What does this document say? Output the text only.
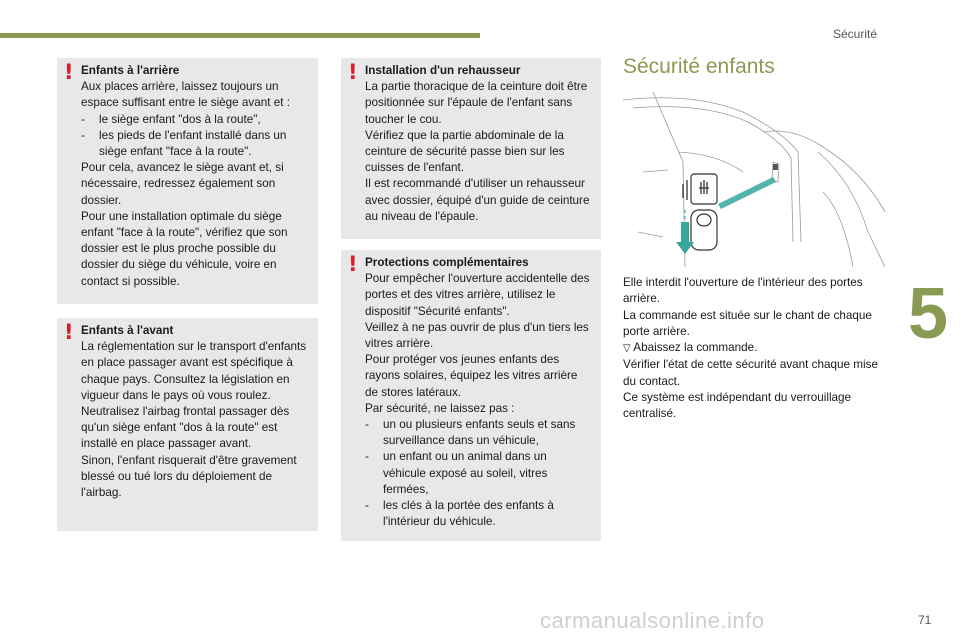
Sécurité
5
! Enfants à l'arrière

Aux places arrière, laissez toujours un espace suffisant entre le siège avant et :

- le siège enfant "dos à la route",

- les pieds de l'enfant installé dans un siège enfant "face à la route".

Pour cela, avancez le siège avant et, si nécessaire, redressez également son dossier.

Pour une installation optimale du siège enfant "face à la route", vérifiez que son dossier est le plus proche possible du dossier du siège du véhicule, voire en contact si possible.

! Enfants à l'avant

La réglementation sur le transport d'enfants en place passager avant est spécifique à chaque pays. Consultez la législation en vigueur dans le pays où vous roulez.

Neutralisez l'airbag frontal passager dès qu'un siège enfant "dos à la route" est installé en place passager avant.

Sinon, l'enfant risquerait d'être gravement blessé ou tué lors du déploiement de l'airbag.

! Installation d'un rehausseur

La partie thoracique de la ceinture doit être positionnée sur l'épaule de l'enfant sans toucher le cou.

Vérifiez que la partie abdominale de la ceinture de sécurité passe bien sur les cuisses de l'enfant.

Il est recommandé d'utiliser un rehausseur avec dossier, équipé d'un guide de ceinture au niveau de l'épaule.

! Protections complémentaires

Pour empêcher l'ouverture accidentelle des portes et des vitres arrière, utilisez le dispositif "Sécurité enfants".

Veillez à ne pas ouvrir de plus d'un tiers les vitres arrière.

Pour protéger vos jeunes enfants des rayons solaires, équipez les vitres arrière de stores latéraux.

Par sécurité, ne laissez pas :

- un ou plusieurs enfants seuls et sans surveillance dans un véhicule,

- un enfant ou un animal dans un véhicule exposé au soleil, vitres fermées,

- les clés à la portée des enfants à l'intérieur du véhicule.

Sécurité enfants

Elle interdit l'ouverture de l'intérieur des portes arrière.

La commande est située sur le chant de chaque porte arrière.

▽ Abaissez la commande.

Vérifier l'état de cette sécurité avant chaque mise du contact.

Ce système est indépendant du verrouillage centralisé.

carmanualsonline.info	71
